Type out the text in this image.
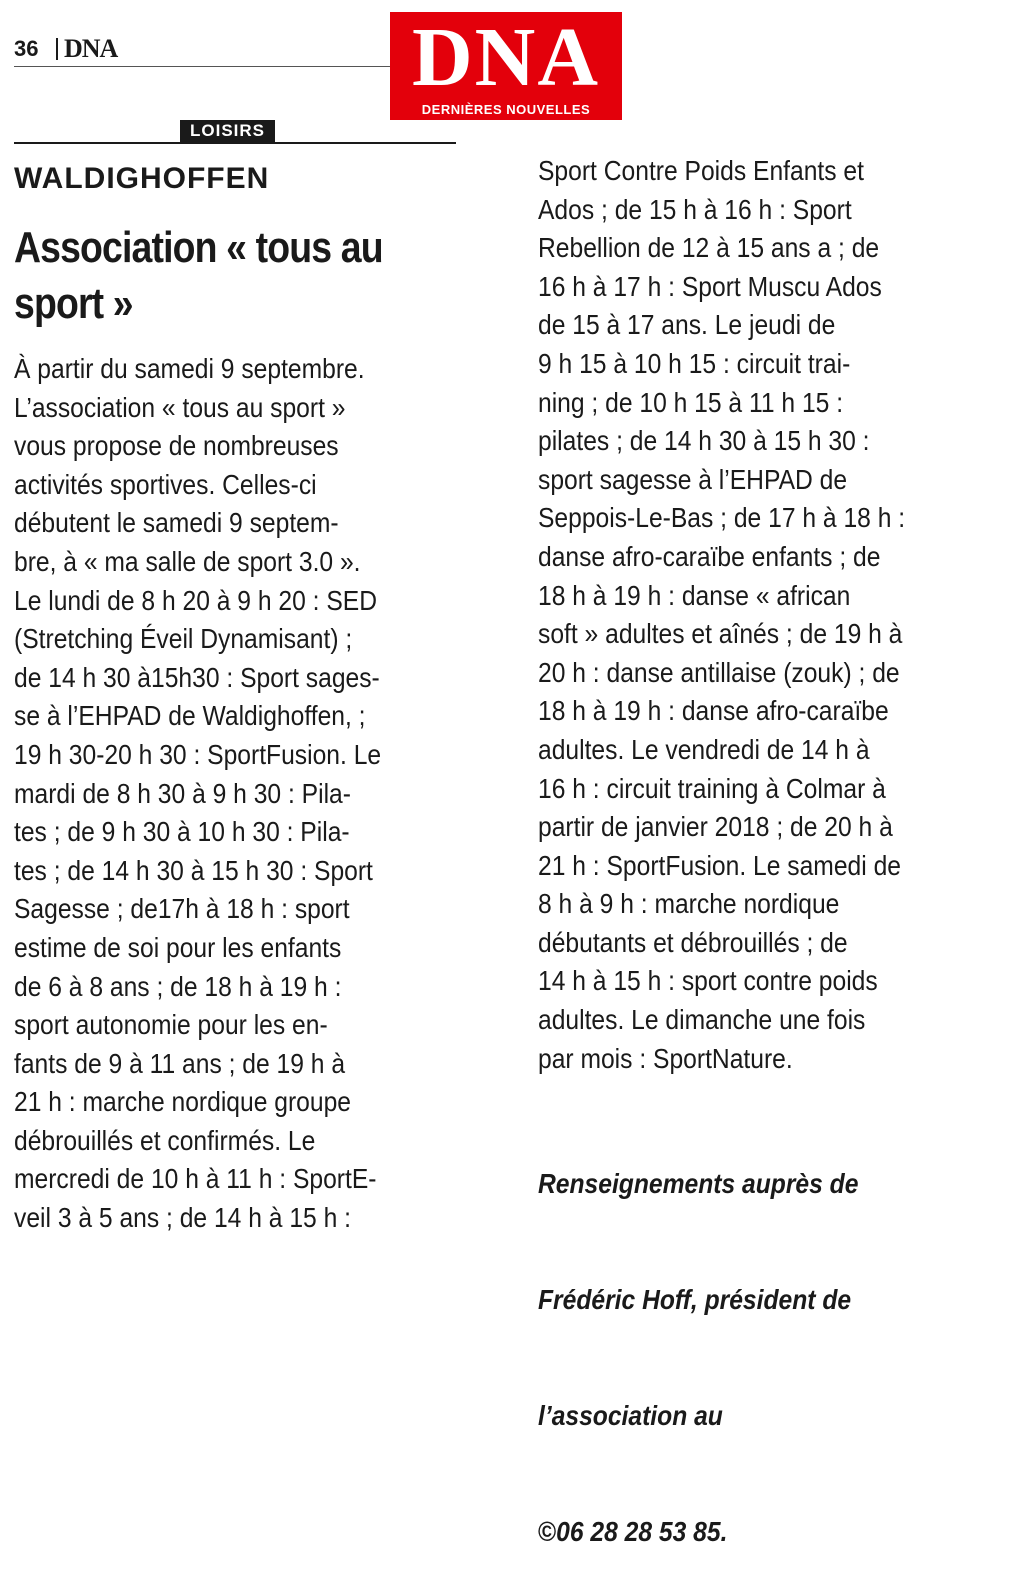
36 DNA	DNA
DERNIÈRES NOUVELLES D'ALSACE
LOISIRS
WALDIGHOFFEN
Association « tous au
sport »
À partir du samedi 9 septembre.
L’association « tous au sport »
vous propose de nombreuses
activités sportives. Celles-ci
débutent le samedi 9 septem-
bre, à « ma salle de sport 3.0 ».
Le lundi de 8 h 20 à 9 h 20 : SED
(Stretching Éveil Dynamisant) ;
de 14 h 30 à15h30 : Sport sages-
se à l’EHPAD de Waldighoffen, ;
19 h 30-20 h 30 : SportFusion. Le
mardi de 8 h 30 à 9 h 30 : Pila-
tes ; de 9 h 30 à 10 h 30 : Pila-
tes ; de 14 h 30 à 15 h 30 : Sport
Sagesse ; de17h à 18 h : sport
estime de soi pour les enfants
de 6 à 8 ans ; de 18 h à 19 h :
sport autonomie pour les en-
fants de 9 à 11 ans ; de 19 h à
21 h : marche nordique groupe
débrouillés et confirmés. Le
mercredi de 10 h à 11 h : SportE-
veil 3 à 5 ans ; de 14 h à 15 h :
Sport Contre Poids Enfants et
Ados ; de 15 h à 16 h : Sport
Rebellion de 12 à 15 ans a ; de
16 h à 17 h : Sport Muscu Ados
de 15 à 17 ans. Le jeudi de
9 h 15 à 10 h 15 : circuit trai-
ning ; de 10 h 15 à 11 h 15 :
pilates ; de 14 h 30 à 15 h 30 :
sport sagesse à l’EHPAD de
Seppois-Le-Bas ; de 17 h à 18 h :
danse afro-caraïbe enfants ; de
18 h à 19 h : danse « african
soft » adultes et aînés ; de 19 h à
20 h : danse antillaise (zouk) ; de
18 h à 19 h : danse afro-caraïbe
adultes. Le vendredi de 14 h à
16 h : circuit training à Colmar à
partir de janvier 2018 ; de 20 h à
21 h : SportFusion. Le samedi de
8 h à 9 h : marche nordique
débutants et débrouillés ; de
14 h à 15 h : sport contre poids
adultes. Le dimanche une fois
par mois : SportNature.

Renseignements auprès de

Frédéric Hoff, président de

l’association au

©06 28 28 53 85.
